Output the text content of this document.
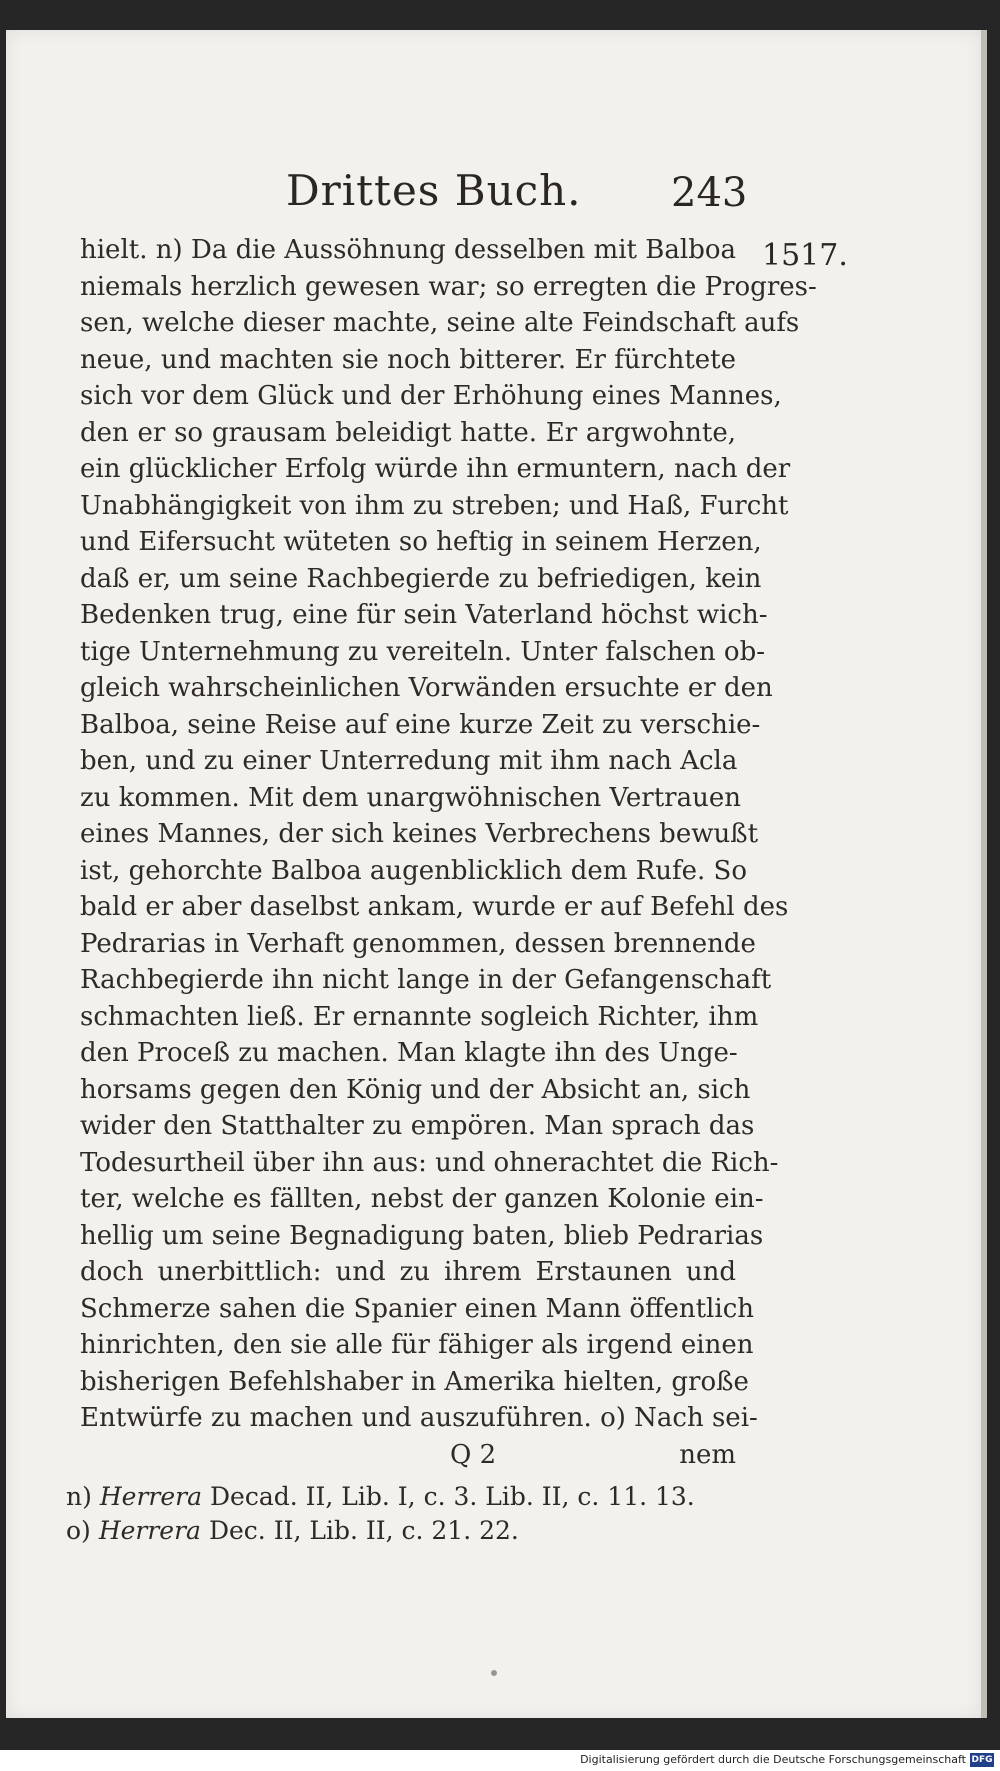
Drittes Buch. 243
1517.
hielt. n) Da die Aussöhnung desselben mit Balboa
niemals herzlich gewesen war; so erregten die Progres-
sen, welche dieser machte, seine alte Feindschaft aufs
neue, und machten sie noch bitterer. Er fürchtete
sich vor dem Glück und der Erhöhung eines Mannes,
den er so grausam beleidigt hatte. Er argwohnte,
ein glücklicher Erfolg würde ihn ermuntern, nach der
Unabhängigkeit von ihm zu streben; und Haß, Furcht
und Eifersucht wüteten so heftig in seinem Herzen,
daß er, um seine Rachbegierde zu befriedigen, kein
Bedenken trug, eine für sein Vaterland höchst wich-
tige Unternehmung zu vereiteln. Unter falschen ob-
gleich wahrscheinlichen Vorwänden ersuchte er den
Balboa, seine Reise auf eine kurze Zeit zu verschie-
ben, und zu einer Unterredung mit ihm nach Acla
zu kommen. Mit dem unargwöhnischen Vertrauen
eines Mannes, der sich keines Verbrechens bewußt
ist, gehorchte Balboa augenblicklich dem Rufe. So
bald er aber daselbst ankam, wurde er auf Befehl des
Pedrarias in Verhaft genommen, dessen brennende
Rachbegierde ihn nicht lange in der Gefangenschaft
schmachten ließ. Er ernannte sogleich Richter, ihm
den Proceß zu machen. Man klagte ihn des Unge-
horsams gegen den König und der Absicht an, sich
wider den Statthalter zu empören. Man sprach das
Todesurtheil über ihn aus: und ohnerachtet die Rich-
ter, welche es fällten, nebst der ganzen Kolonie ein-
hellig um seine Begnadigung baten, blieb Pedrarias
doch unerbittlich: und zu ihrem Erstaunen und
Schmerze sahen die Spanier einen Mann öffentlich
hinrichten, den sie alle für fähiger als irgend einen
bisherigen Befehlshaber in Amerika hielten, große
Entwürfe zu machen und auszuführen. o) Nach sei-
Q 2	nem
n) Herrera Decad. II, Lib. I, c. 3. Lib. II, c. 11. 13.
o) Herrera Dec. II, Lib. II, c. 21. 22.
Digitalisierung gefördert durch die Deutsche Forschungsgemeinschaft DFG
